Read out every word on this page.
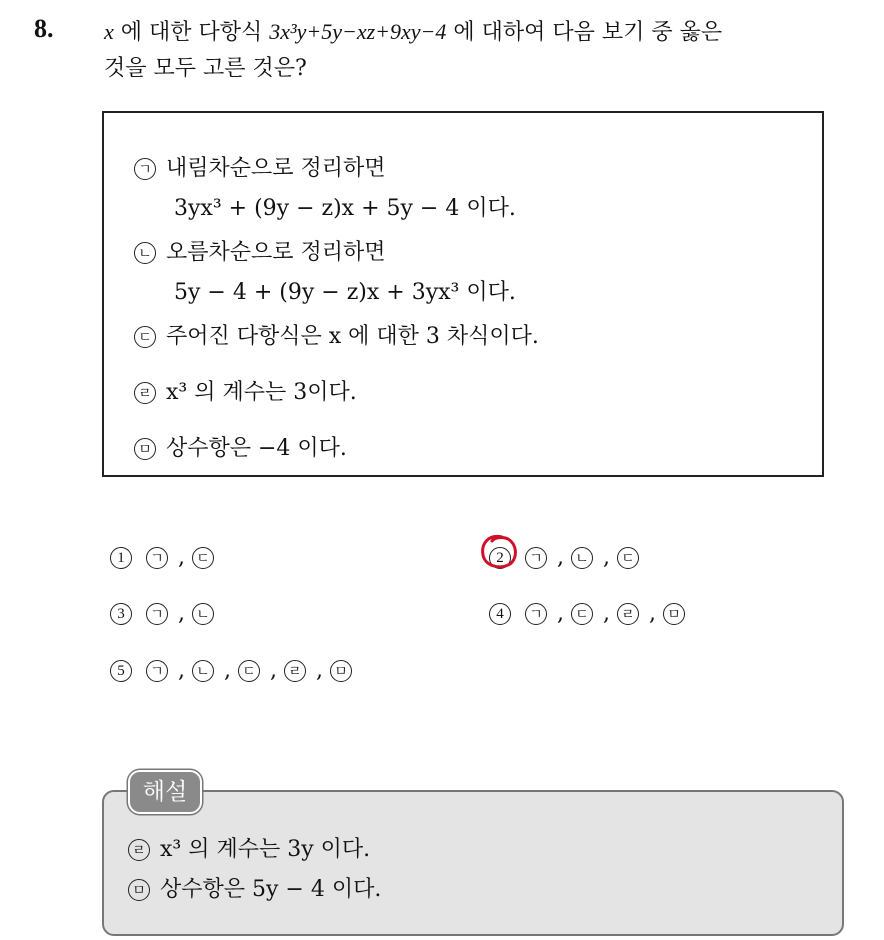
8. x 에 대한 다항식 3x³y+5y−xz+9xy−4 에 대하여 다음 보기 중 옳은
것을 모두 고른 것은?
ㄱ 내림차순으로 정리하면
3yx³ + (9y − z)x + 5y − 4 이다.
ㄴ 오름차순으로 정리하면
5y − 4 + (9y − z)x + 3yx³ 이다.
ㄷ 주어진 다항식은 x 에 대한 3 차식이다.
ㄹ x³ 의 계수는 3이다.
ㅁ 상수항은 −4 이다.
1 ㄱ , ㄷ	2 ㄱ , ㄴ , ㄷ
3 ㄱ , ㄴ	4 ㄱ , ㄷ , ㄹ , ㅁ
5 ㄱ , ㄴ , ㄷ , ㄹ , ㅁ
ㄹ x³ 의 계수는 3y 이다.
ㅁ 상수항은 5y − 4 이다.
해설
